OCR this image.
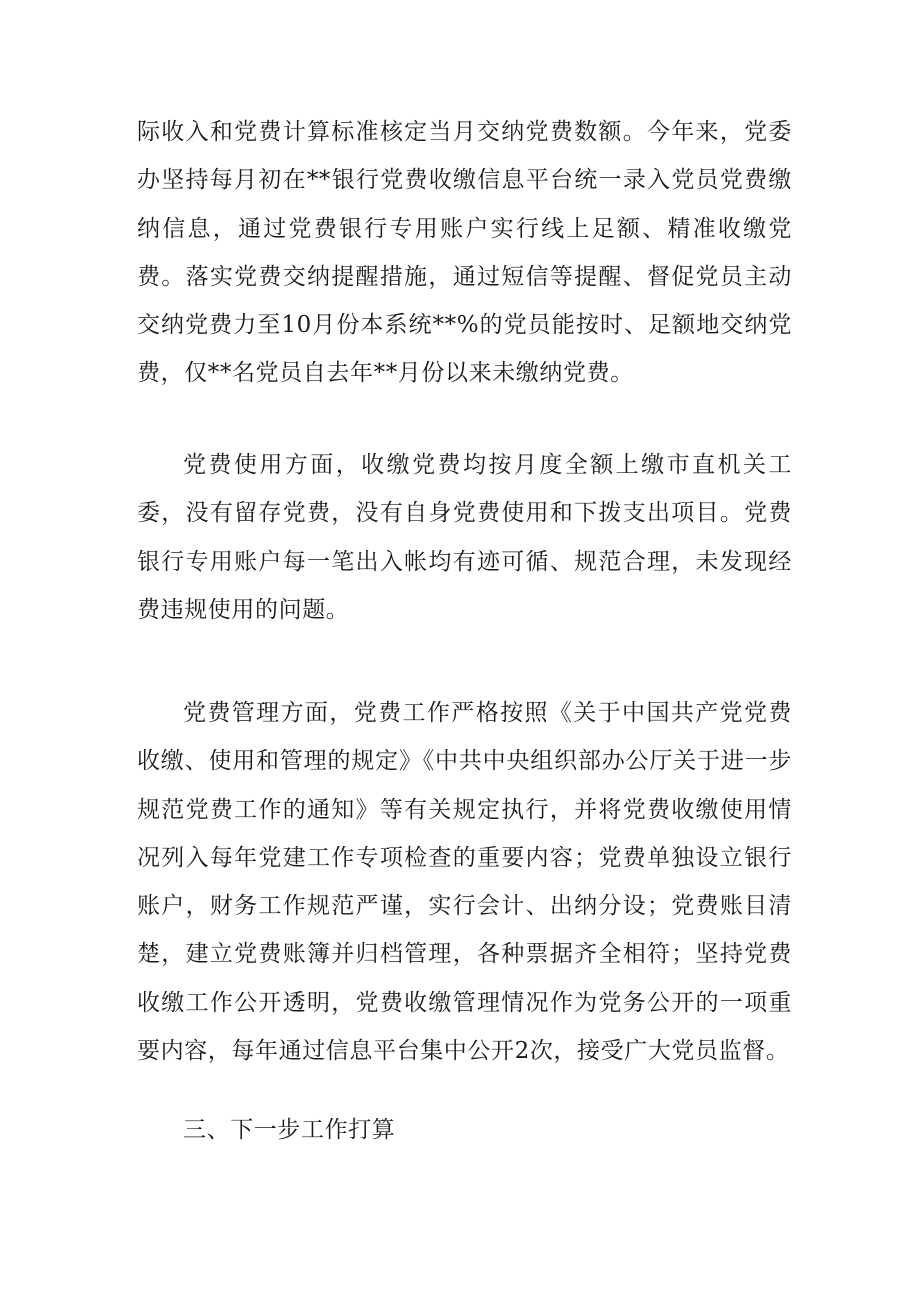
际收入和党费计算标准核定当月交纳党费数额。今年来，党委办坚持每月初在**银行党费收缴信息平台统一录入党员党费缴纳信息，通过党费银行专用账户实行线上足额、精准收缴党费。落实党费交纳提醒措施，通过短信等提醒、督促党员主动交纳党费力至10月份本系统**%的党员能按时、足额地交纳党费，仅**名党员自去年**月份以来未缴纳党费。

党费使用方面，收缴党费均按月度全额上缴市直机关工委，没有留存党费，没有自身党费使用和下拨支出项目。党费银行专用账户每一笔出入帐均有迹可循、规范合理，未发现经费违规使用的问题。

党费管理方面，党费工作严格按照《关于中国共产党党费收缴、使用和管理的规定》《中共中央组织部办公厅关于进一步规范党费工作的通知》等有关规定执行，并将党费收缴使用情况列入每年党建工作专项检查的重要内容；党费单独设立银行账户，财务工作规范严谨，实行会计、出纳分设；党费账目清楚，建立党费账簿并归档管理，各种票据齐全相符；坚持党费收缴工作公开透明，党费收缴管理情况作为党务公开的一项重要内容，每年通过信息平台集中公开2次，接受广大党员监督。

三、下一步工作打算
